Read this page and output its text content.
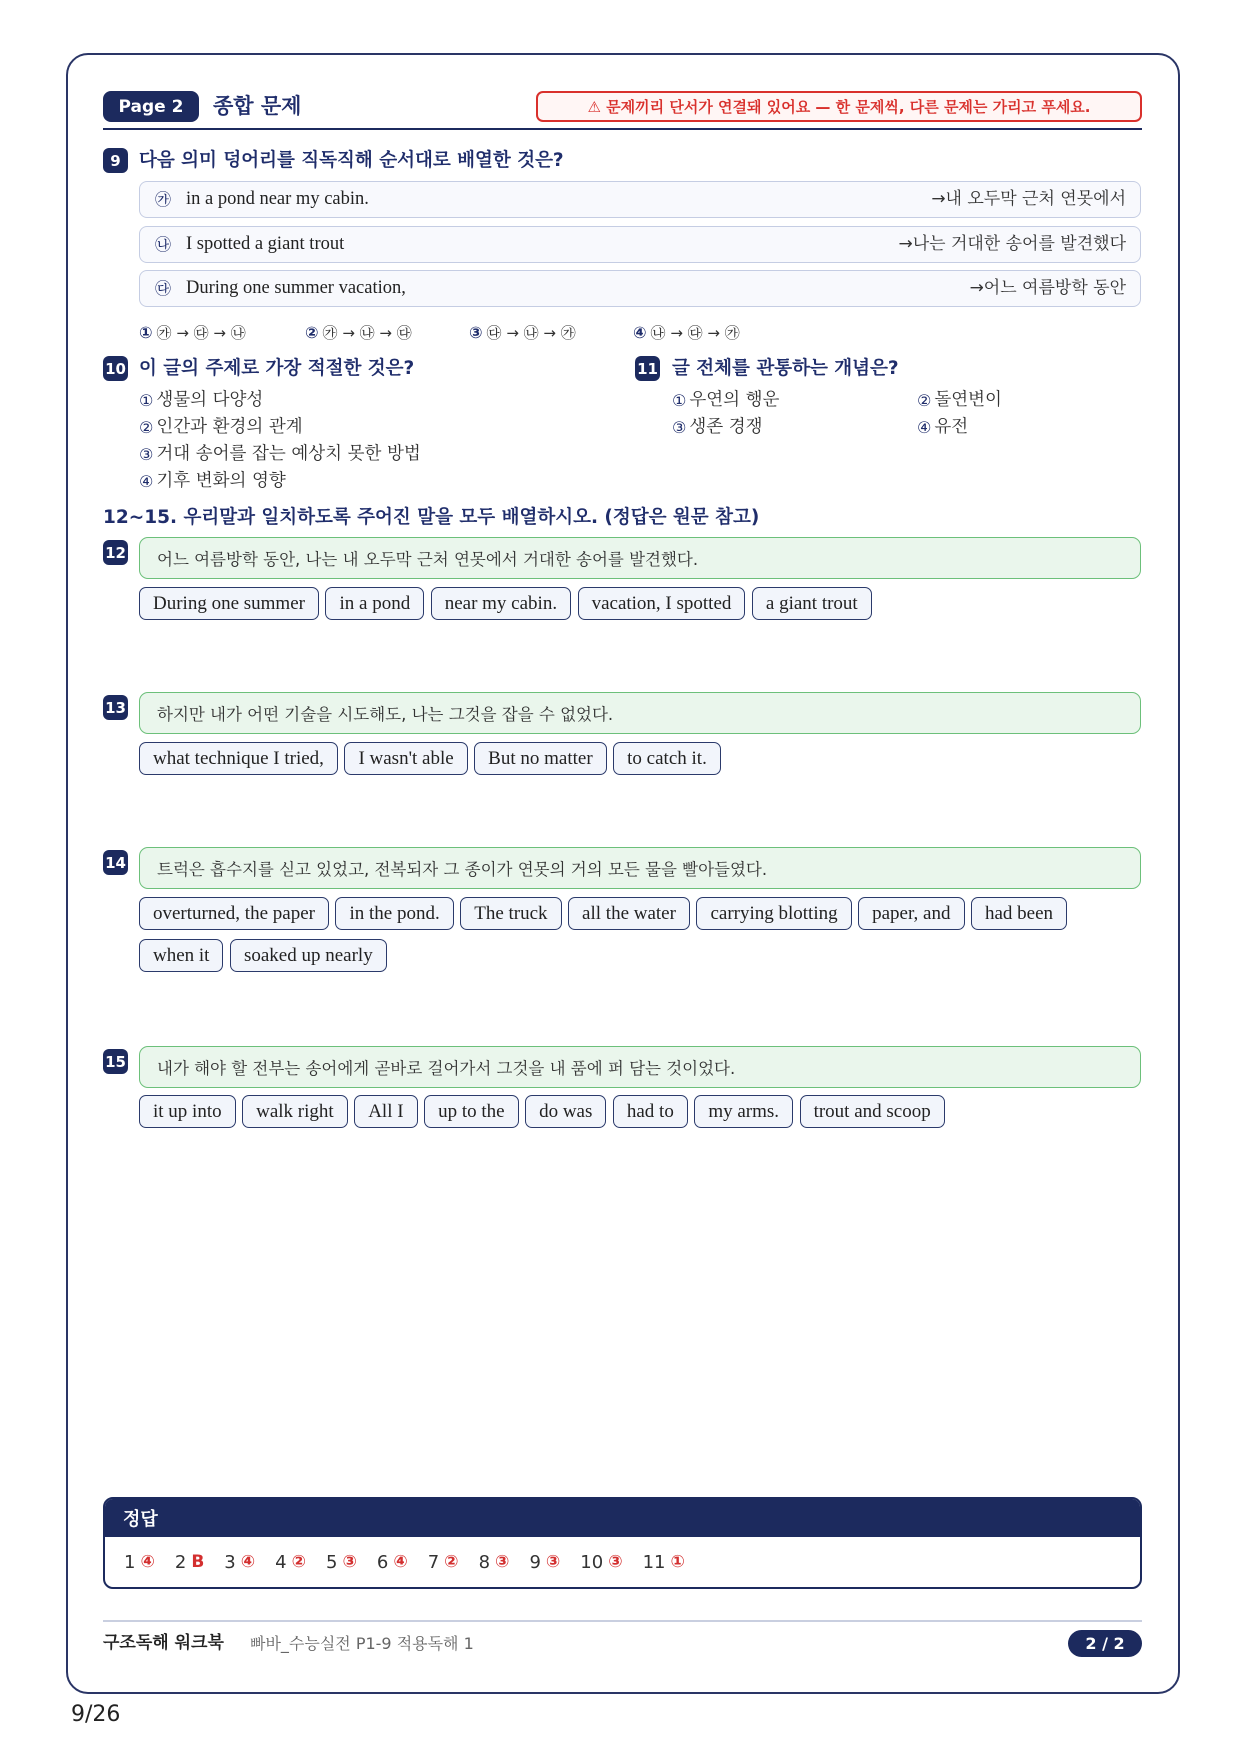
Page 2	종합 문제	⚠ 문제끼리 단서가 연결돼 있어요 — 한 문제씩, 다른 문제는 가리고 푸세요.
9 다음 의미 덩어리를 직독직해 순서대로 배열한 것은?
㉮ in a pond near my cabin.	→내 오두막 근처 연못에서
㉯ I spotted a giant trout	→나는 거대한 송어를 발견했다
㉰ During one summer vacation,	→어느 여름방학 동안
① ㉮ → ㉰ → ㉯	② ㉮ → ㉯ → ㉰	③ ㉰ → ㉯ → ㉮	④ ㉯ → ㉰ → ㉮
10 이 글의 주제로 가장 적절한 것은?
① 생물의 다양성
② 인간과 환경의 관계
③ 거대 송어를 잡는 예상치 못한 방법
④ 기후 변화의 영향
11 글 전체를 관통하는 개념은?
① 우연의 행운	② 돌연변이
③ 생존 경쟁	④ 유전
12~15. 우리말과 일치하도록 주어진 말을 모두 배열하시오. (정답은 원문 참고)
12	어느 여름방학 동안, 나는 내 오두막 근처 연못에서 거대한 송어를 발견했다.
During one summer	in a pond	near my cabin.	vacation, I spotted	a giant trout
13	하지만 내가 어떤 기술을 시도해도, 나는 그것을 잡을 수 없었다.
what technique I tried,	I wasn't able	But no matter	to catch it.
14	트럭은 흡수지를 싣고 있었고, 전복되자 그 종이가 연못의 거의 모든 물을 빨아들였다.
overturned, the paper	in the pond.	The truck	all the water	carrying blotting	paper, and	had been
when it	soaked up nearly
15	내가 해야 할 전부는 송어에게 곧바로 걸어가서 그것을 내 품에 퍼 담는 것이었다.
it up into	walk right	All I	up to the	do was	had to	my arms.	trout and scoop
정답
1 ④ 2 B 3 ④ 4 ② 5 ③ 6 ④ 7 ② 8 ③ 9 ③ 10 ③ 11 ①
구조독해 워크북 빠바_수능실전 P1-9 적용독해 1	2 / 2
9/26
